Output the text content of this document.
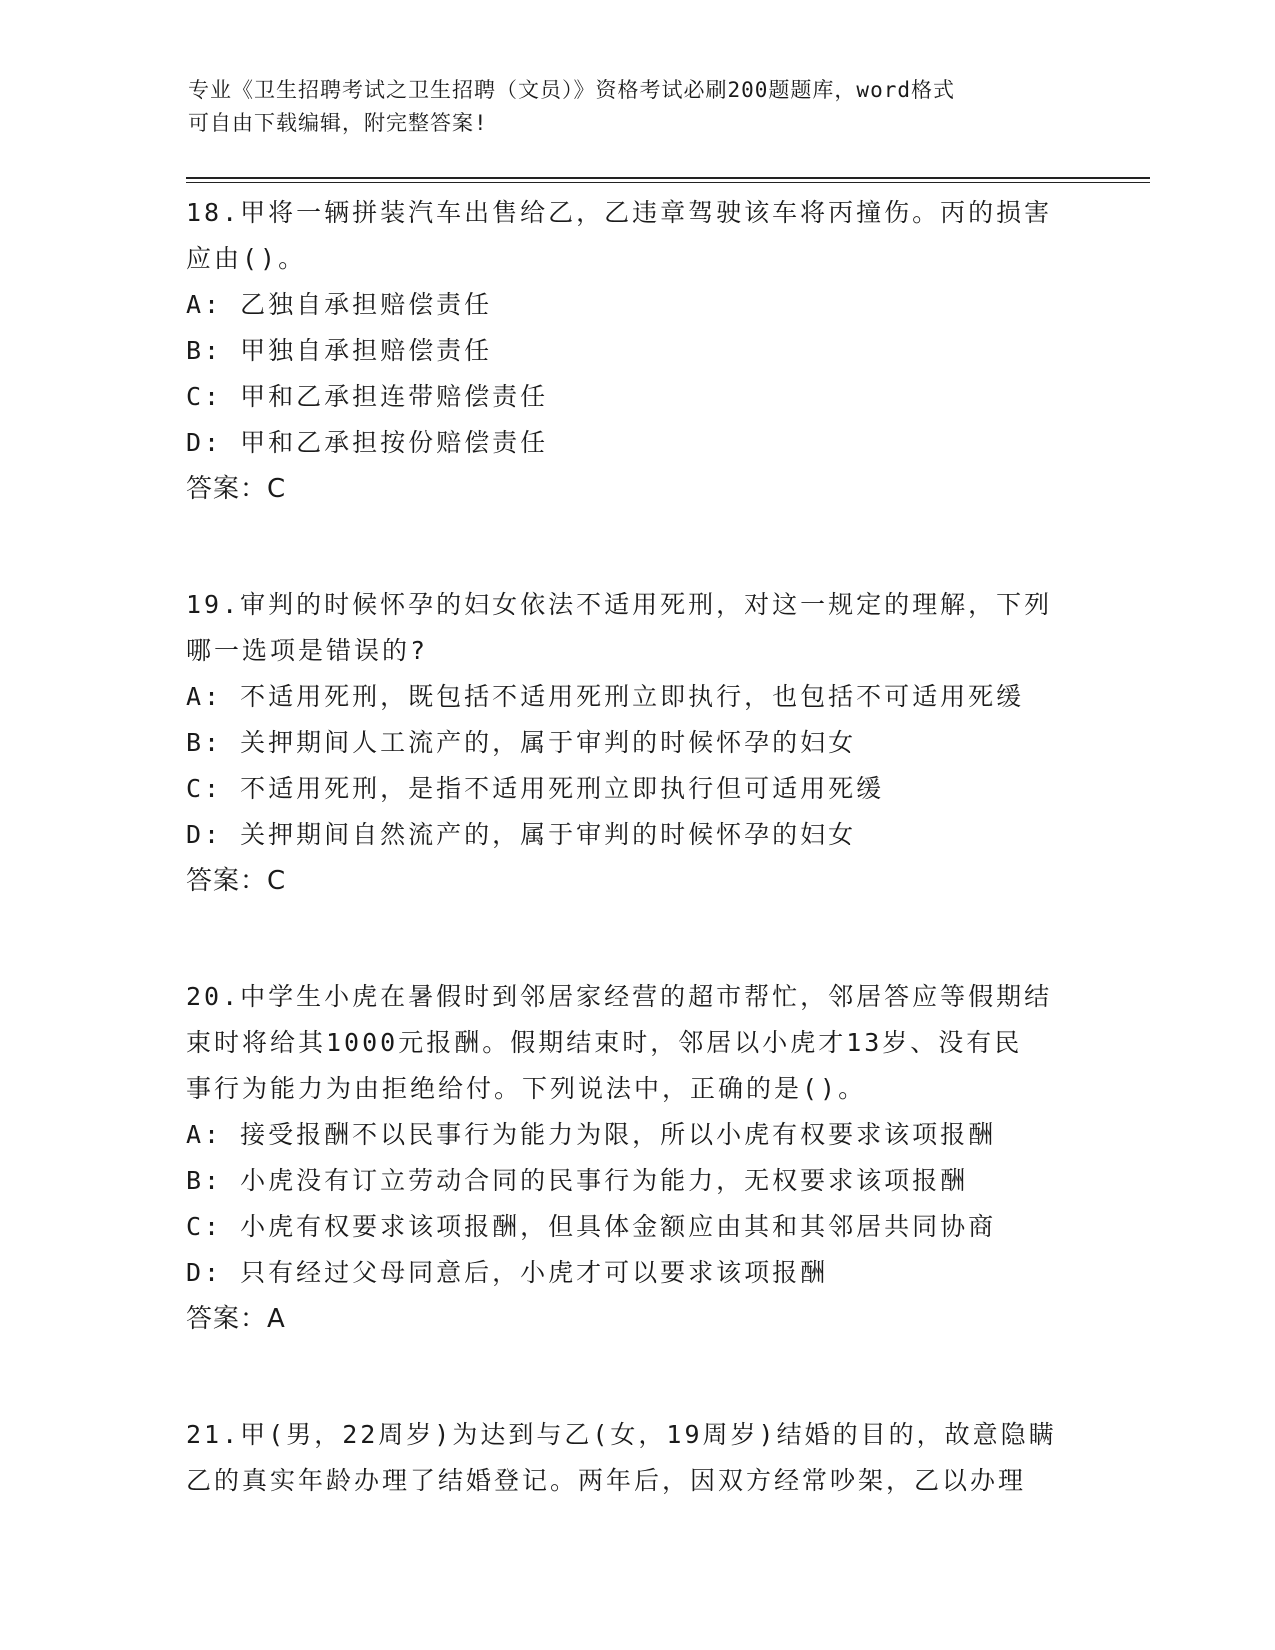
专业《卫生招聘考试之卫生招聘（文员）》资格考试必刷200题题库，word格式
可自由下载编辑，附完整答案!
18.甲将一辆拼装汽车出售给乙，乙违章驾驶该车将丙撞伤。丙的损害
应由()。
A: 乙独自承担赔偿责任
B: 甲独自承担赔偿责任
C: 甲和乙承担连带赔偿责任
D: 甲和乙承担按份赔偿责任
答案：C
19.审判的时候怀孕的妇女依法不适用死刑，对这一规定的理解，下列
哪一选项是错误的?
A: 不适用死刑，既包括不适用死刑立即执行，也包括不可适用死缓
B: 关押期间人工流产的，属于审判的时候怀孕的妇女
C: 不适用死刑，是指不适用死刑立即执行但可适用死缓
D: 关押期间自然流产的，属于审判的时候怀孕的妇女
答案：C
20.中学生小虎在暑假时到邻居家经营的超市帮忙，邻居答应等假期结
束时将给其1000元报酬。假期结束时，邻居以小虎才13岁、没有民
事行为能力为由拒绝给付。下列说法中，正确的是()。
A: 接受报酬不以民事行为能力为限，所以小虎有权要求该项报酬
B: 小虎没有订立劳动合同的民事行为能力，无权要求该项报酬
C: 小虎有权要求该项报酬，但具体金额应由其和其邻居共同协商
D: 只有经过父母同意后，小虎才可以要求该项报酬
答案：A
21.甲(男，22周岁)为达到与乙(女，19周岁)结婚的目的，故意隐瞒
乙的真实年龄办理了结婚登记。两年后，因双方经常吵架，乙以办理
